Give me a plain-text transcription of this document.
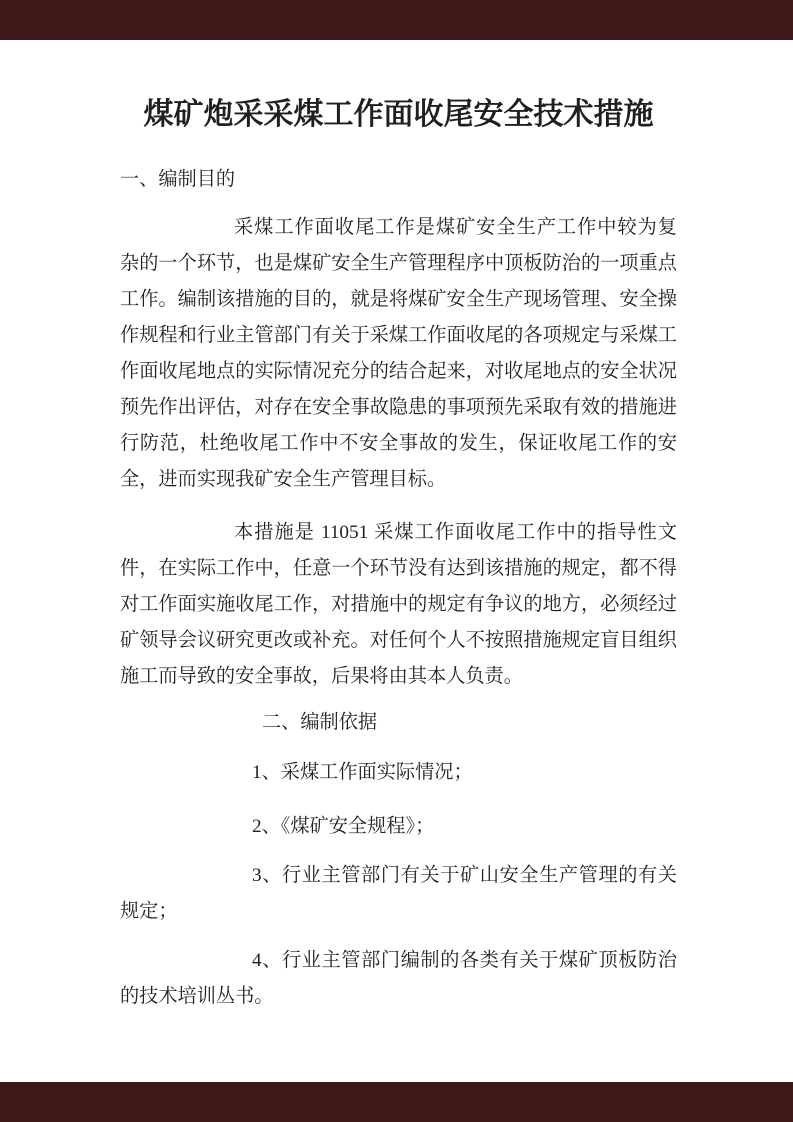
煤矿炮采采煤工作面收尾安全技术措施
一、编制目的
采煤工作面收尾工作是煤矿安全生产工作中较为复
杂的一个环节，也是煤矿安全生产管理程序中顶板防治的一项重点
工作。编制该措施的目的，就是将煤矿安全生产现场管理、安全操
作规程和行业主管部门有关于采煤工作面收尾的各项规定与采煤工
作面收尾地点的实际情况充分的结合起来，对收尾地点的安全状况
预先作出评估，对存在安全事故隐患的事项预先采取有效的措施进
行防范，杜绝收尾工作中不安全事故的发生，保证收尾工作的安
全，进而实现我矿安全生产管理目标。
本措施是 11051 采煤工作面收尾工作中的指导性文
件，在实际工作中，任意一个环节没有达到该措施的规定，都不得
对工作面实施收尾工作，对措施中的规定有争议的地方，必须经过
矿领导会议研究更改或补充。对任何个人不按照措施规定盲目组织
施工而导致的安全事故，后果将由其本人负责。
二、编制依据
1、采煤工作面实际情况；
2、《煤矿安全规程》；
3、行业主管部门有关于矿山安全生产管理的有关
规定；
4、行业主管部门编制的各类有关于煤矿顶板防治
的技术培训丛书。
